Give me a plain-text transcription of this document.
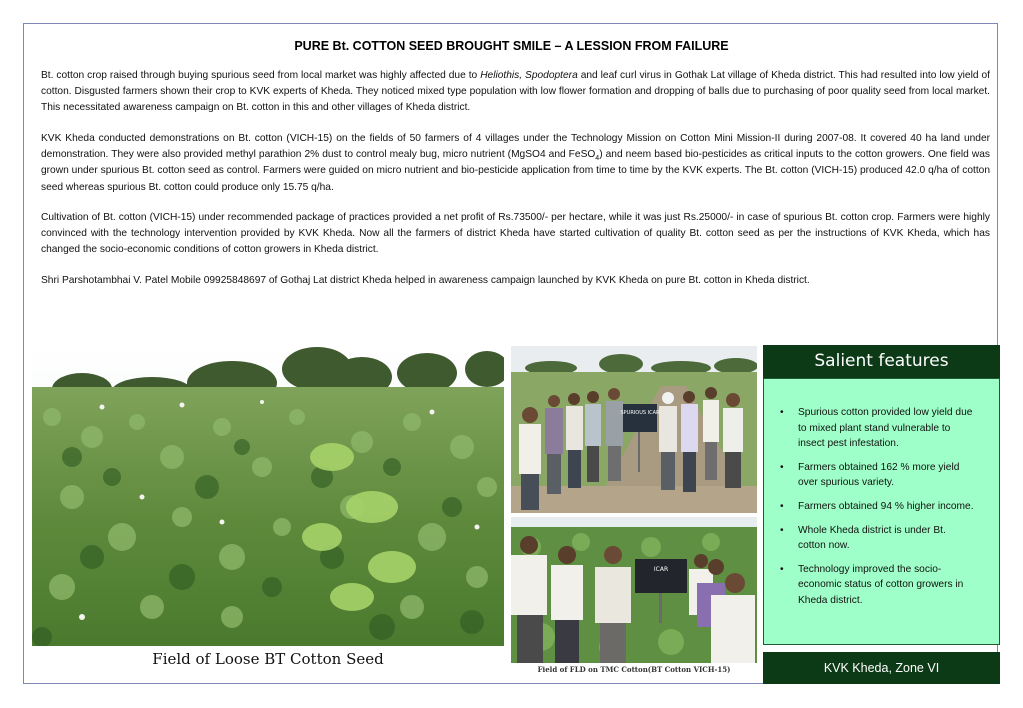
PURE Bt. COTTON SEED BROUGHT SMILE – A LESSION FROM FAILURE

Bt. cotton crop raised through buying spurious seed from local market was highly affected due to Heliothis, Spodoptera and leaf curl virus in Gothak Lat village of Kheda district. This had resulted into low yield of cotton. Disgusted farmers shown their crop to KVK experts of Kheda. They noticed mixed type population with low flower formation and dropping of balls due to purchasing of poor quality seed from local market. This necessitated awareness campaign on Bt. cotton in this and other villages of Kheda district.

KVK Kheda conducted demonstrations on Bt. cotton (VICH-15) on the fields of 50 farmers of 4 villages under the Technology Mission on Cotton Mini Mission-II during 2007-08. It covered 40 ha land under demonstration. They were also provided methyl parathion 2% dust to control mealy bug, micro nutrient (MgSO4 and FeSO$_4$) and neem based bio-pesticides as critical inputs to the cotton growers. One field was grown under spurious Bt. cotton seed as control. Farmers were guided on micro nutrient and bio-pesticide application from time to time by the KVK experts. The Bt. cotton (VICH-15) produced 42.0 q/ha of cotton seed whereas spurious Bt. cotton could produce only 15.75 q/ha.

Cultivation of Bt. cotton (VICH-15) under recommended package of practices provided a net profit of Rs.73500/- per hectare, while it was just Rs.25000/- in case of spurious Bt. cotton crop. Farmers were highly convinced with the technology intervention provided by KVK Kheda. Now all the farmers of district Kheda have started cultivation of quality Bt. cotton seed as per the instructions of KVK Kheda, which has changed the socio-economic conditions of cotton growers in Kheda district.

Shri Parshotambhai V. Patel Mobile 09925848697 of Gothaj Lat district Kheda helped in awareness campaign launched by KVK Kheda on pure Bt. cotton in Kheda district.

Field of Loose BT Cotton Seed
SPURIOUS ICAR
ICAR
Field of FLD on TMC Cotton(BT Cotton VICH-15)
Salient features
• Spurious cotton provided low yield due to mixed plant stand vulnerable to insect pest infestation.
• Farmers obtained 162 % more yield over spurious variety.
• Farmers obtained 94 % higher income.
• Whole Kheda district is under Bt. cotton now.
• Technology improved the socio-economic status of cotton growers in Kheda district.
KVK Kheda, Zone VI
